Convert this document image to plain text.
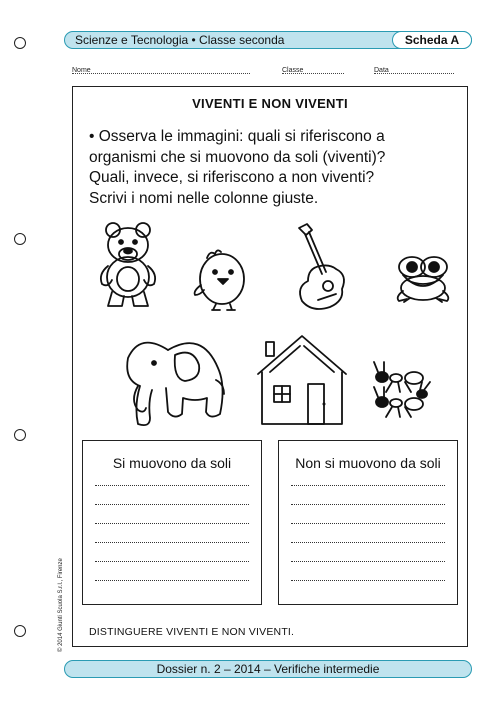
Scienze e Tecnologia • Classe seconda	Scheda A
Nome	Classe	Data
VIVENTI E NON VIVENTI

• Osserva le immagini: quali si riferiscono a

organismi che si muovono da soli (viventi)?

Quali, invece, si riferiscono a non viventi?

Scrivi i nomi nelle colonne giuste.

Si muovono da soli	Non si muovono da soli
DISTINGUERE VIVENTI E NON VIVENTI.
© 2014 Giunti Scuola S.r.l., Firenze
Dossier n. 2 – 2014 – Verifiche intermedie
